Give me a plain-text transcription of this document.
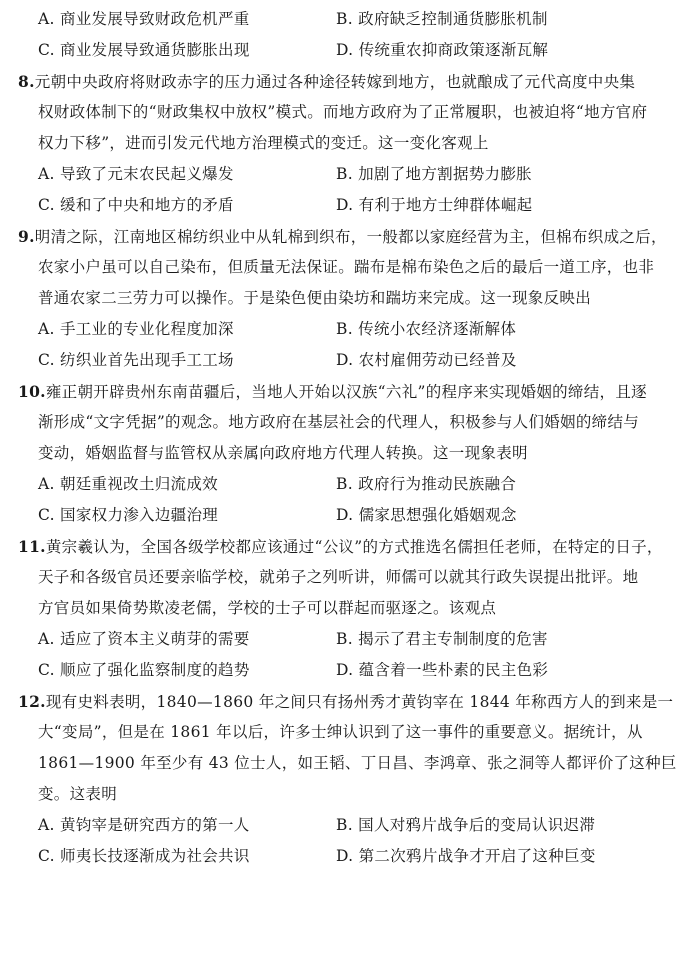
A. 商业发展导致财政危机严重	B. 政府缺乏控制通货膨胀机制
C. 商业发展导致通货膨胀出现	D. 传统重农抑商政策逐渐瓦解
8.元朝中央政府将财政赤字的压力通过各种途径转嫁到地方，也就酿成了元代高度中央集
权财政体制下的“财政集权中放权”模式。而地方政府为了正常履职，也被迫将“地方官府
权力下移”，进而引发元代地方治理模式的变迁。这一变化客观上
A. 导致了元末农民起义爆发	B. 加剧了地方割据势力膨胀
C. 缓和了中央和地方的矛盾	D. 有利于地方士绅群体崛起
9.明清之际，江南地区棉纺织业中从轧棉到织布，一般都以家庭经营为主，但棉布织成之后，
农家小户虽可以自己染布，但质量无法保证。踹布是棉布染色之后的最后一道工序，也非
普通农家二三劳力可以操作。于是染色便由染坊和踹坊来完成。这一现象反映出
A. 手工业的专业化程度加深	B. 传统小农经济逐渐解体
C. 纺织业首先出现手工工场	D. 农村雇佣劳动已经普及
10.雍正朝开辟贵州东南苗疆后，当地人开始以汉族“六礼”的程序来实现婚姻的缔结，且逐
渐形成“文字凭据”的观念。地方政府在基层社会的代理人，积极参与人们婚姻的缔结与
变动，婚姻监督与监管权从亲属向政府地方代理人转换。这一现象表明
A. 朝廷重视改土归流成效	B. 政府行为推动民族融合
C. 国家权力渗入边疆治理	D. 儒家思想强化婚姻观念
11.黄宗羲认为，全国各级学校都应该通过“公议”的方式推选名儒担任老师，在特定的日子，
天子和各级官员还要亲临学校，就弟子之列听讲，师儒可以就其行政失误提出批评。地
方官员如果倚势欺凌老儒，学校的士子可以群起而驱逐之。该观点
A. 适应了资本主义萌芽的需要	B. 揭示了君主专制制度的危害
C. 顺应了强化监察制度的趋势	D. 蕴含着一些朴素的民主色彩
12.现有史料表明，1840—1860 年之间只有扬州秀才黄钧宰在 1844 年称西方人的到来是一
大“变局”，但是在 1861 年以后，许多士绅认识到了这一事件的重要意义。据统计，从
1861—1900 年至少有 43 位士人，如王韬、丁日昌、李鸿章、张之洞等人都评价了这种巨
变。这表明
A. 黄钧宰是研究西方的第一人	B. 国人对鸦片战争后的变局认识迟滞
C. 师夷长技逐渐成为社会共识	D. 第二次鸦片战争才开启了这种巨变
